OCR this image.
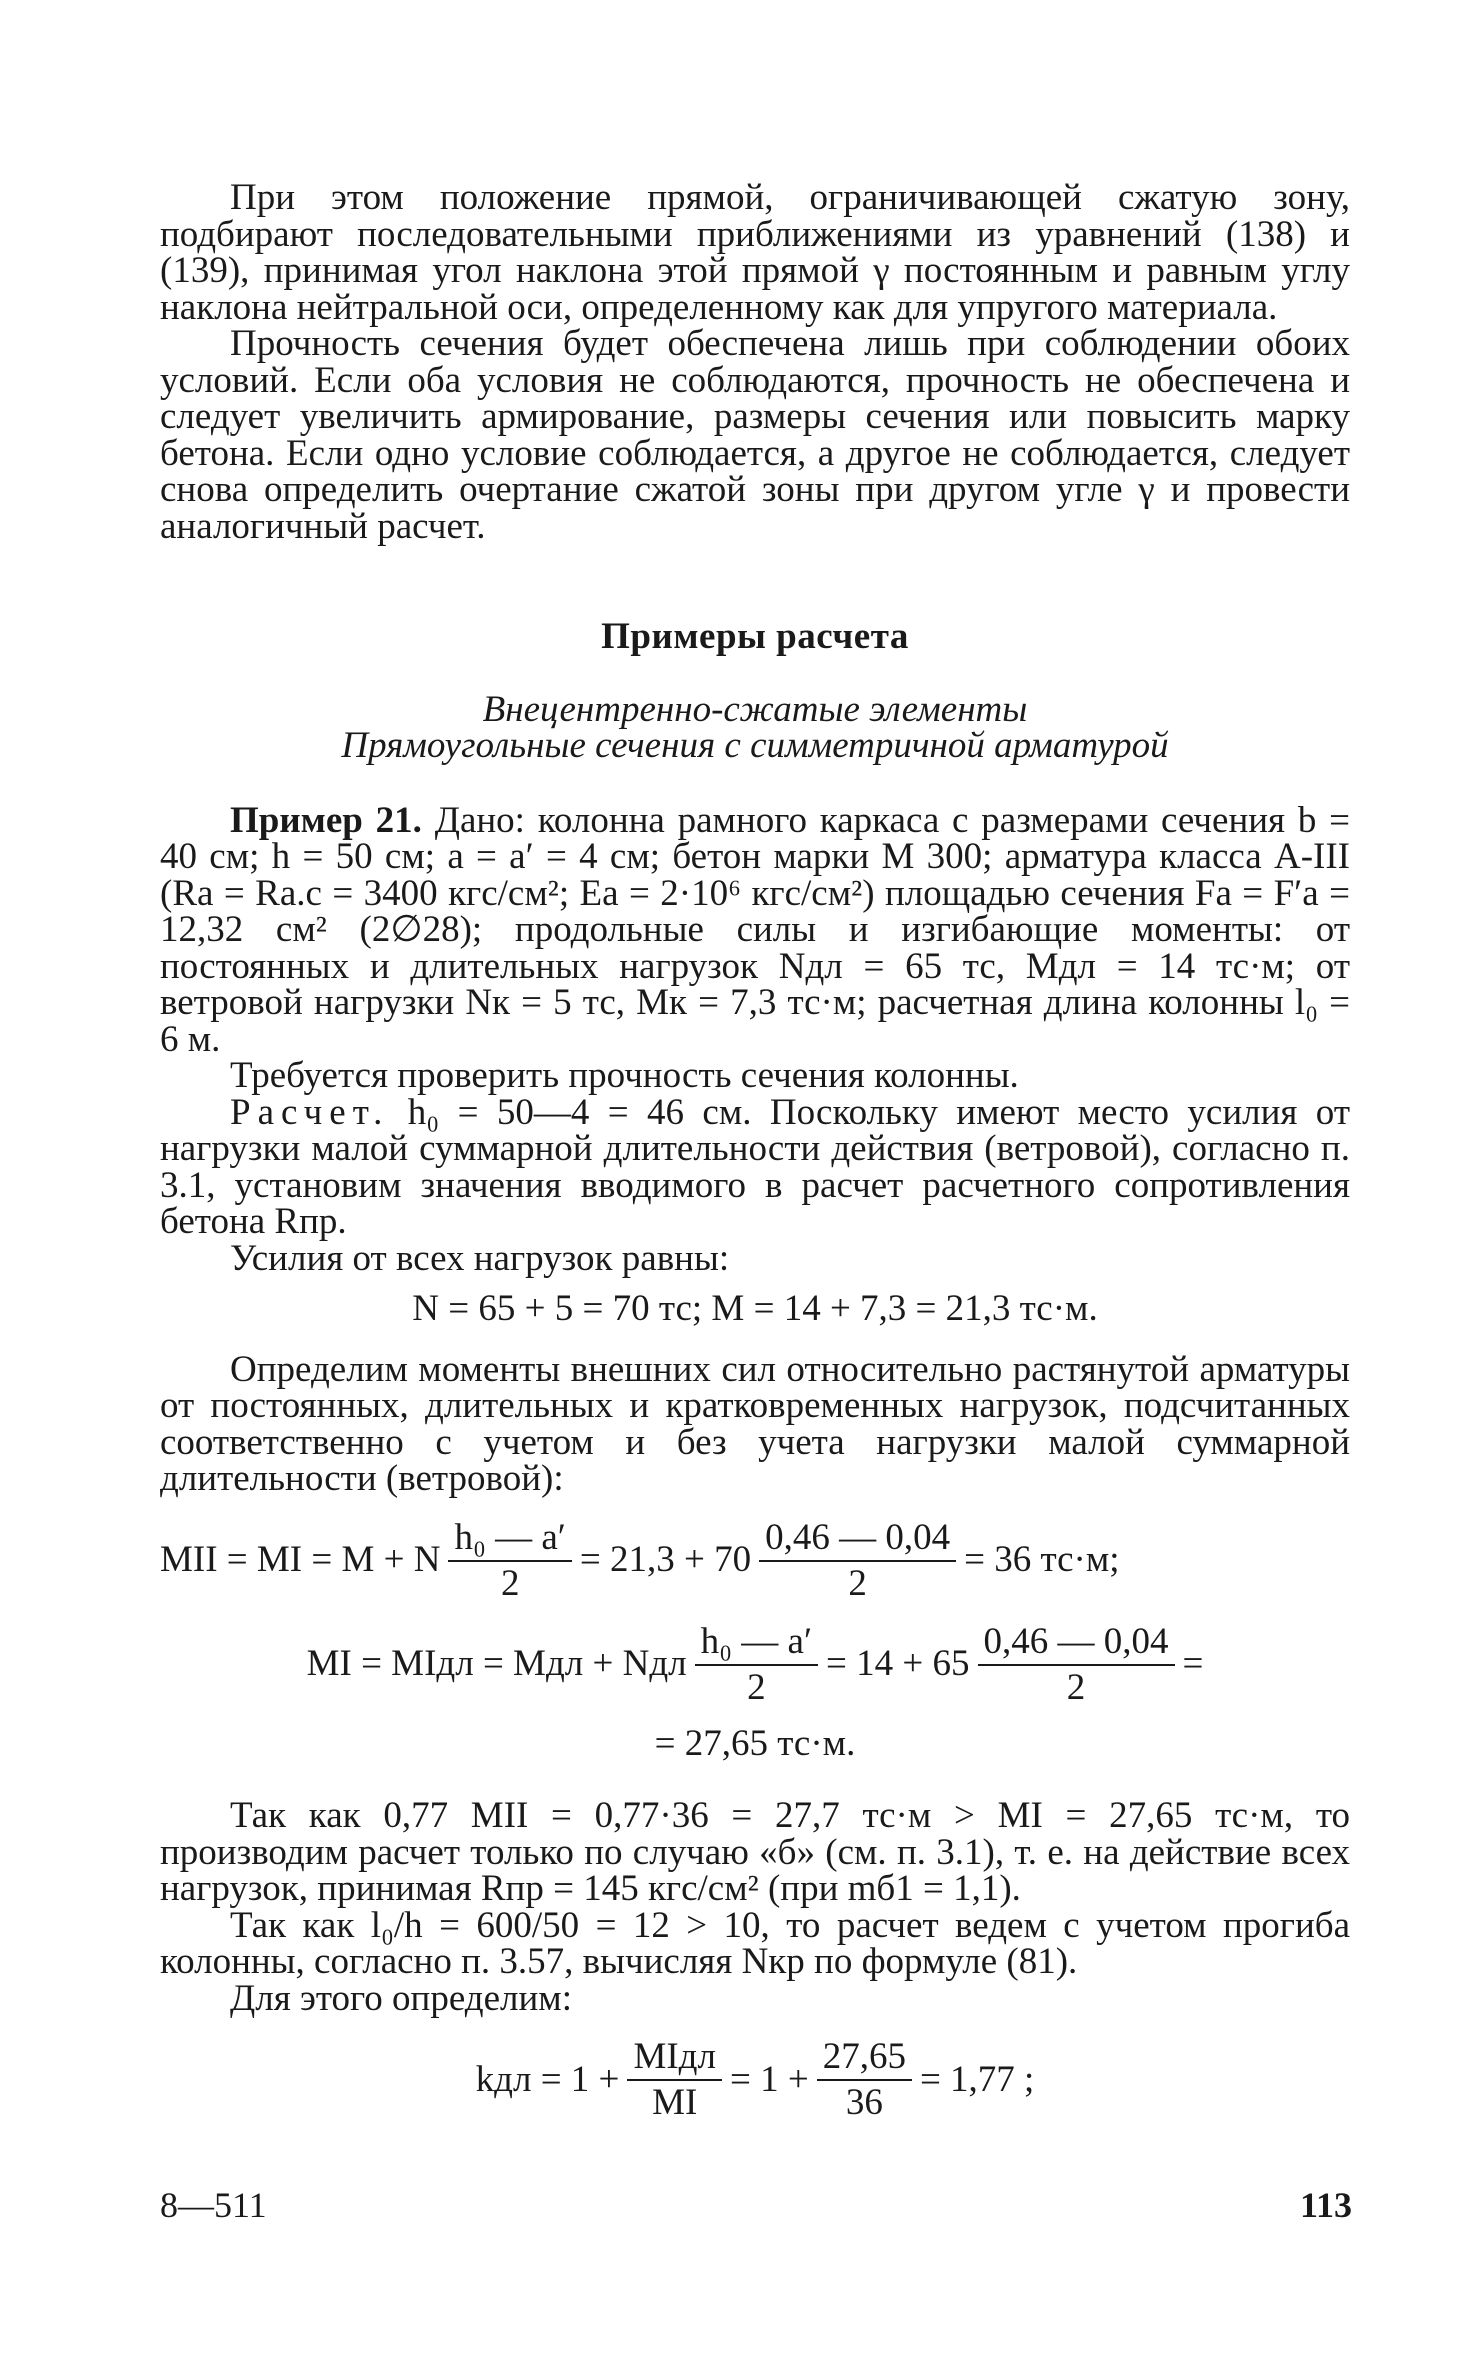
При этом положение прямой, ограничивающей сжатую зону, подбирают последовательными приближениями из уравнений (138) и (139), принимая угол наклона этой прямой γ постоянным и равным углу наклона нейтральной оси, определенному как для упругого материала.

Прочность сечения будет обеспечена лишь при соблюдении обоих условий. Если оба условия не соблюдаются, прочность не обеспечена и следует увеличить армирование, размеры сечения или повысить марку бетона. Если одно условие соблюдается, а другое не соблюдается, следует снова определить очертание сжатой зоны при другом угле γ и провести аналогичный расчет.

Примеры расчета

Внецентренно-сжатые элементы

Прямоугольные сечения с симметричной арматурой

Пример 21. Дано: колонна рамного каркаса с размерами сечения b = 40 см; h = 50 см; a = a′ = 4 см; бетон марки М 300; арматура класса А-III (Rа = Rа.с = 3400 кгс/см²; Eа = 2·10⁶ кгс/см²) площадью сечения Fа = F′а = 12,32 см² (2∅28); продольные силы и изгибающие моменты: от постоянных и длительных нагрузок Nдл = 65 тс, Mдл = 14 тс·м; от ветровой нагрузки Nк = 5 тс, Mк = 7,3 тс·м; расчетная длина колонны l₀ = 6 м.

Требуется проверить прочность сечения колонны.

Расчет. h₀ = 50—4 = 46 см. Поскольку имеют место усилия от нагрузки малой суммарной длительности действия (ветровой), согласно п. 3.1, установим значения вводимого в расчет расчетного сопротивления бетона Rпр.

Усилия от всех нагрузок равны:

N = 65 + 5 = 70 тс; M = 14 + 7,3 = 21,3 тс·м.

Определим моменты внешних сил относительно растянутой арматуры от постоянных, длительных и кратковременных нагрузок, подсчитанных соответственно с учетом и без учета нагрузки малой суммарной длительности (ветровой):

MII = MI = M + N $\frac{\text{h₀ — a′}}{2} = 21,3 + 70 \frac{0,46 — 0,04}{2} = 36$ тс·м;
MI = MIдл = Mдл + Nдл $\frac{\text{h₀ — a′}}{2} = 14 + 65 \frac{0,46 — 0,04}{2}$ =
= 27,65 тс·м.

Так как 0,77 MII = 0,77·36 = 27,7 тс·м > MI = 27,65 тс·м, то производим расчет только по случаю «б» (см. п. 3.1), т. е. на действие всех нагрузок, принимая Rпр = 145 кгс/см² (при mб1 = 1,1).

Так как l₀/h = 600/50 = 12 > 10, то расчет ведем с учетом прогиба колонны, согласно п. 3.57, вычисляя Nкр по формуле (81).

Для этого определим:

kдл = $1 + \frac{\text{MIдл}}{MI} = 1 + \frac{27,65}{36} = 1,77$ ;
8—511	113
